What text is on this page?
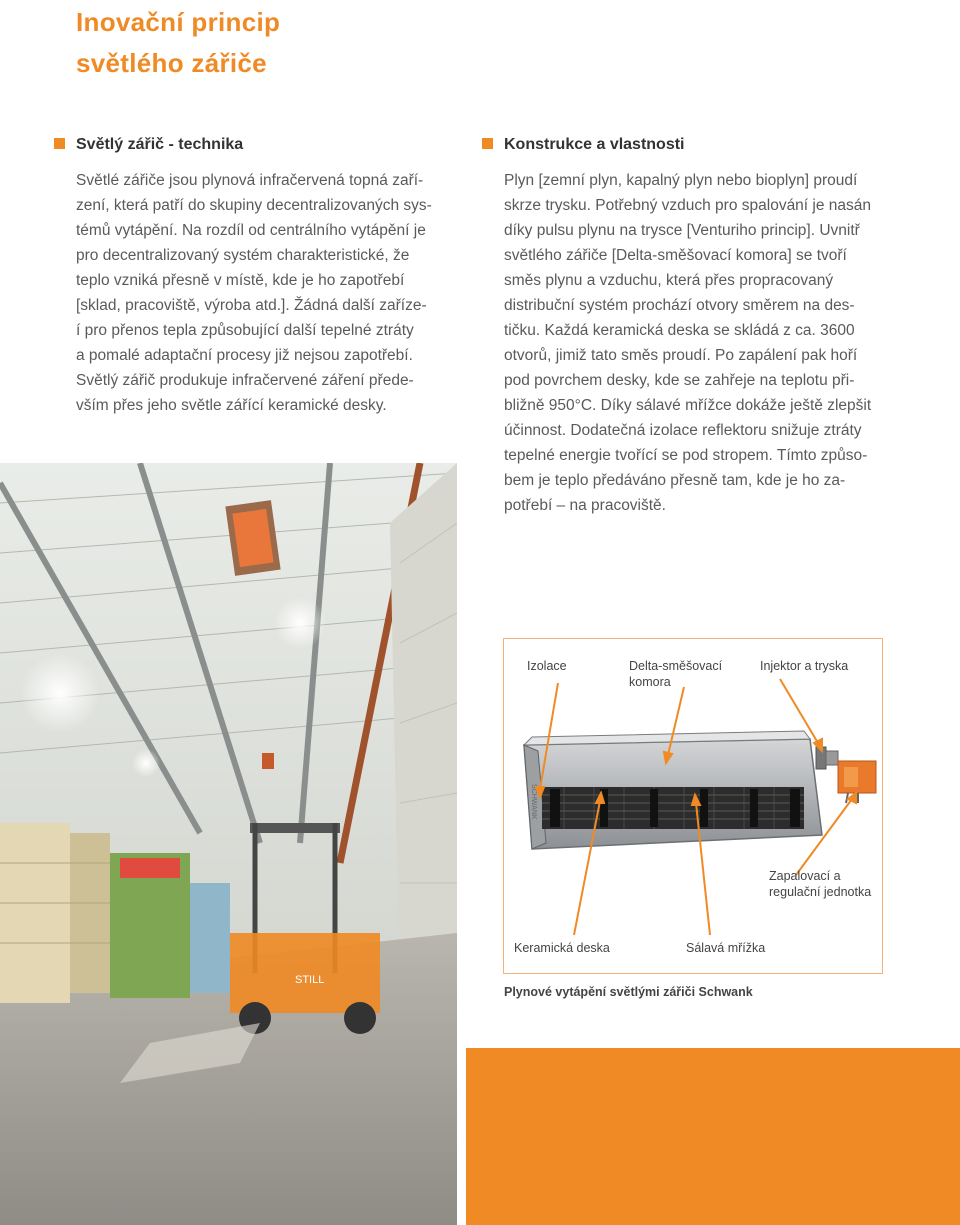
Inovační princip
světlého zářiče
Světlý zářič - technika
Světlé zářiče jsou plynová infračervená topná zaří-
zení, která patří do skupiny decentralizovaných sys-
témů vytápění. Na rozdíl od centrálního vytápění je
pro decentralizovaný systém charakteristické, že
teplo vzniká přesně v místě, kde je ho zapotřebí
[sklad, pracoviště, výroba atd.]. Žádná další zařízе-
í pro přenos tepla způsobující další tepelné ztráty
a pomalé adaptační procesy již nejsou zapotřebí.
Světlý zářič produkuje infračervené záření přede-
vším přes jeho světle zářící keramické desky.
Konstrukce a vlastnosti
Plyn [zemní plyn, kapalný plyn nebo bioplyn] proudí
skrze trysku. Potřebný vzduch pro spalování je nasán
díky pulsu plynu na trysce [Venturiho princip]. Uvnitř
světlého zářiče [Delta-směšovací komora] se tvoří
směs plynu a vzduchu, která přes propracovaný
distribuční systém prochází otvory směrem na des-
tičku. Každá keramická deska se skládá z ca. 3600
otvorů, jimiž tato směs proudí. Po zapálení pak hoří
pod povrchem desky, kde se zahřeje na teplotu při-
bližně 950°C. Díky sálavé mřížce dokáže ještě zlepšit
účinnost. Dodatečná izolace reflektoru snižuje ztráty
tepelné energie tvořící se pod stropem. Tímto způso-
bem je teplo předáváno přesně tam, kde je ho za-
potřebí – na pracoviště.
STILL
SCHWANK
Izolace	Delta-směšovací
komora
Injektor a tryska
Zapalovací a
regulační jednotka
Keramická deska	Sálavá mřížka
Plynové vytápění světlými zářiči Schwank
